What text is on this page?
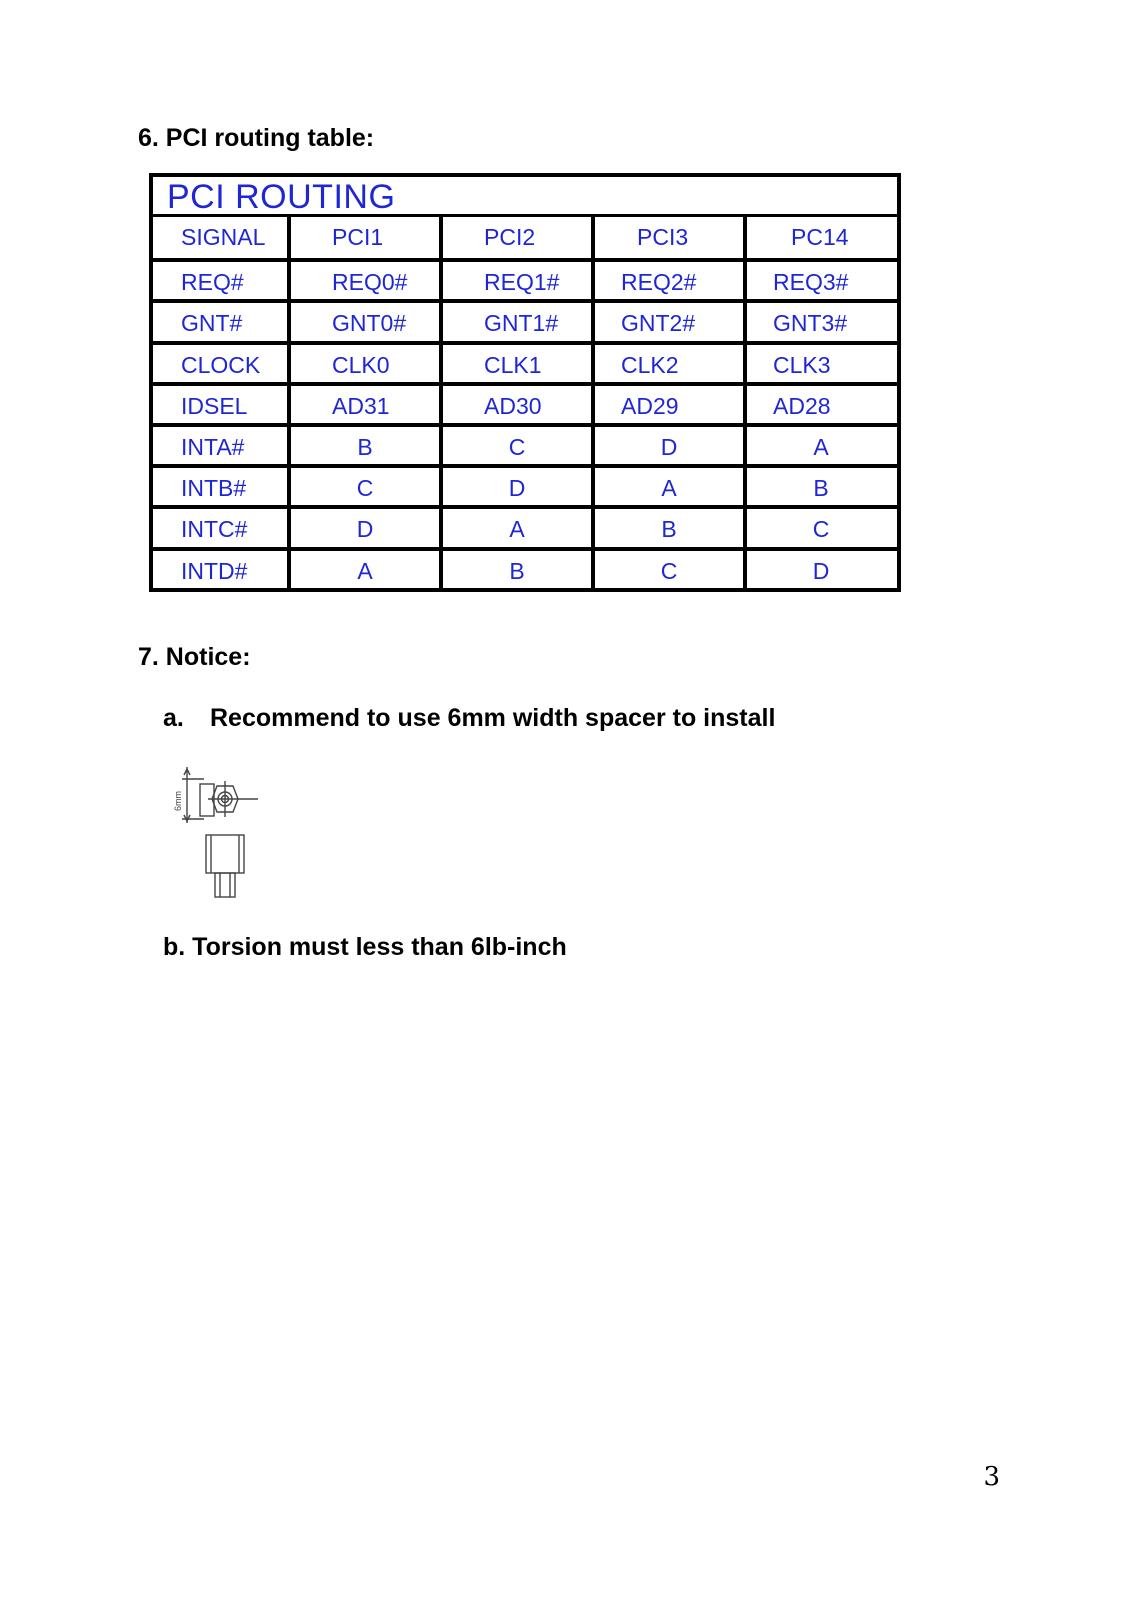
6. PCI routing table:
PCI ROUTING
SIGNAL	PCI1	PCI2	PCI3	PC14
REQ#	REQ0#	REQ1#	REQ2#	REQ3#
GNT#	GNT0#	GNT1#	GNT2#	GNT3#
CLOCK	CLK0	CLK1	CLK2	CLK3
IDSEL	AD31	AD30	AD29	AD28
INTA#	B	C	D	A
INTB#	C	D	A	B
INTC#	D	A	B	C
INTD#	A	B	C	D
7. Notice:
a. Recommend to use 6mm width spacer to install
6mm
b. Torsion must less than 6lb-inch
3
